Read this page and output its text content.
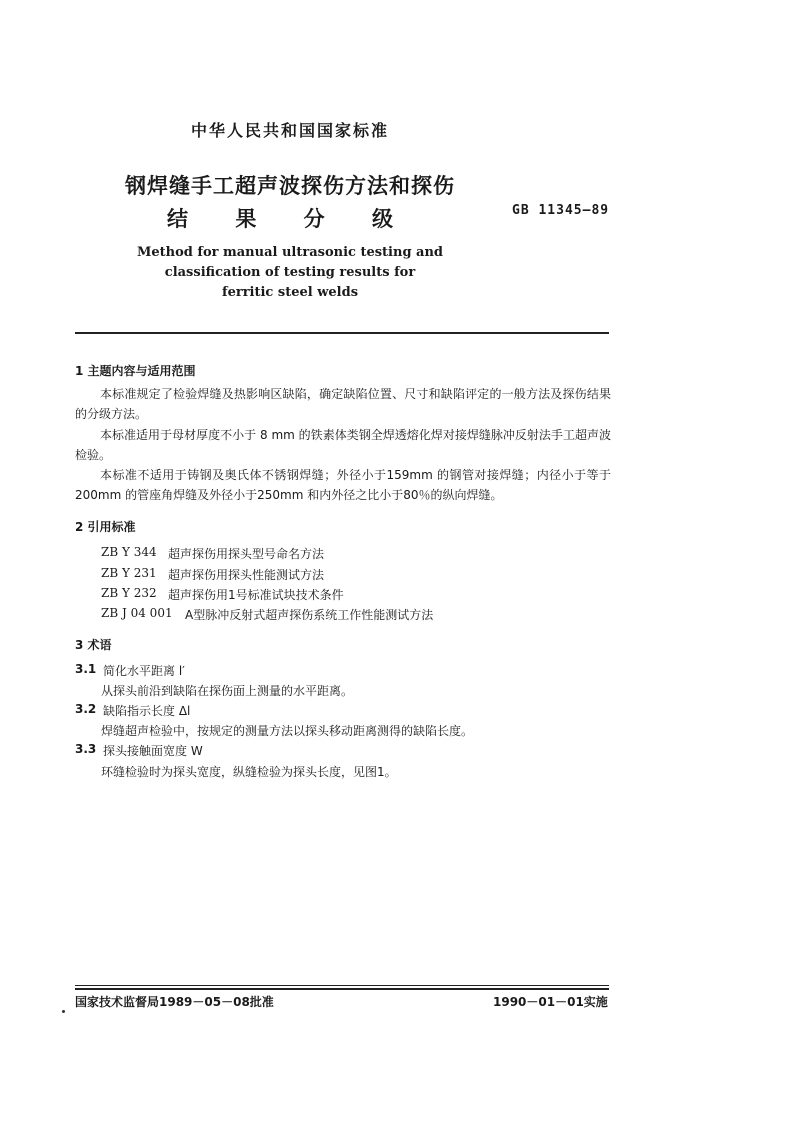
中华人民共和国国家标准
钢焊缝手工超声波探伤方法和探伤
结 果 分 级	GB 11345—89
Method for manual ultrasonic testing and
classification of testing results for
ferritic steel welds
1 主题内容与适用范围
本标准规定了检验焊缝及热影响区缺陷，确定缺陷位置、尺寸和缺陷评定的一般方法及探伤结果的分级方法。
本标准适用于母材厚度不小于 8 mm 的铁素体类钢全焊透熔化焊对接焊缝脉冲反射法手工超声波检验。
本标准不适用于铸钢及奥氏体不锈钢焊缝；外径小于159mm 的钢管对接焊缝；内径小于等于200mm 的管座角焊缝及外径小于250mm 和内外径之比小于80％的纵向焊缝。
2 引用标准
ZB Y 344 超声探伤用探头型号命名方法
ZB Y 231 超声探伤用探头性能测试方法
ZB Y 232 超声探伤用1号标准试块技术条件
ZB J 04 001 A型脉冲反射式超声探伤系统工作性能测试方法
3 术语
3.1 简化水平距离 l′
从探头前沿到缺陷在探伤面上测量的水平距离。
3.2 缺陷指示长度 Δl
焊缝超声检验中，按规定的测量方法以探头移动距离测得的缺陷长度。
3.3 探头接触面宽度 W
环缝检验时为探头宽度，纵缝检验为探头长度，见图1。
国家技术监督局1989－05－08批准	1990－01－01实施
